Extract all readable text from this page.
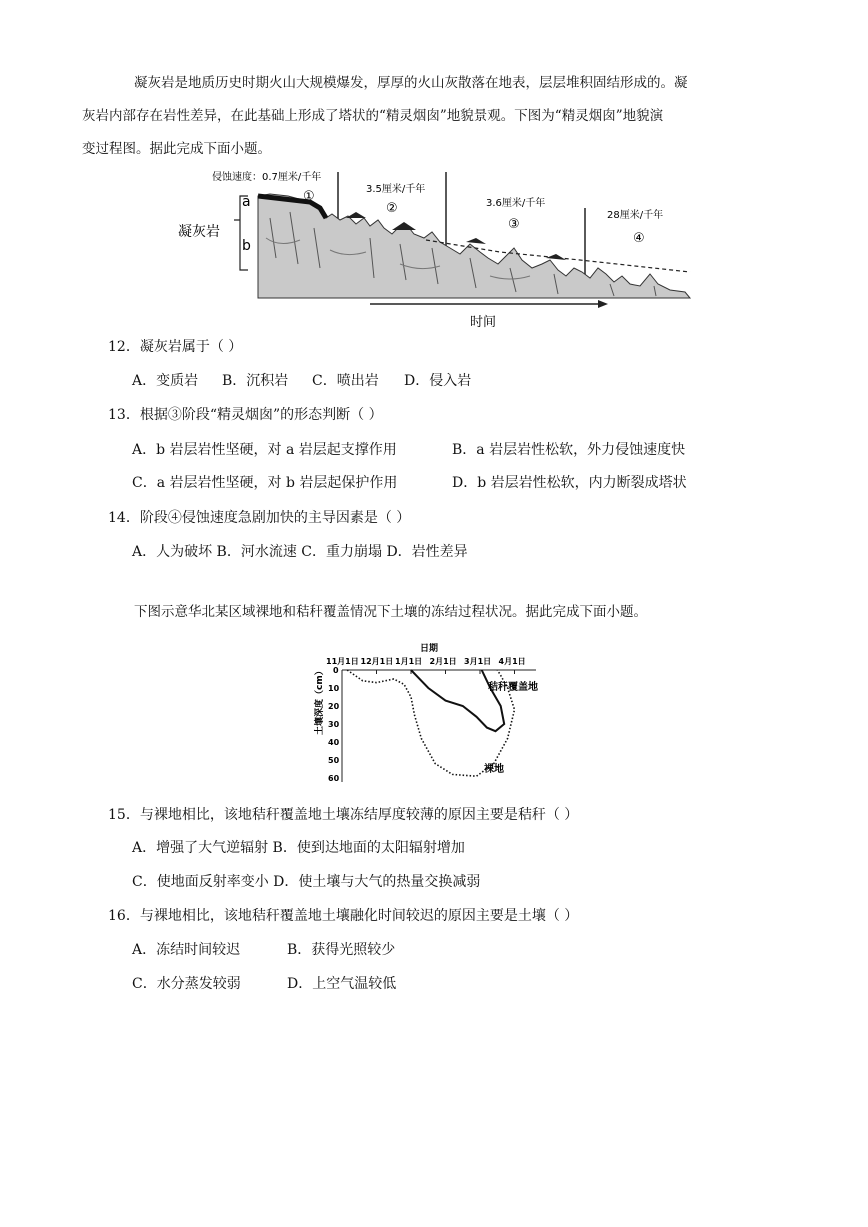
凝灰岩是地质历史时期火山大规模爆发，厚厚的火山灰散落在地表，层层堆积固结形成的。凝
灰岩内部存在岩性差异，在此基础上形成了塔状的“精灵烟囱”地貌景观。下图为“精灵烟囱”地貌演
变过程图。据此完成下面小题。
侵蚀速度：0.7厘米/千年
①	3.5厘米/千年
②	3.6厘米/千年
③
28厘米/千年
④
a
b
凝灰岩
时间
12．凝灰岩属于（ ）
A．变质岩 B．沉积岩 C．喷出岩 D．侵入岩
13．根据③阶段“精灵烟囱”的形态判断（ ）
A．b 岩层岩性坚硬，对 a 岩层起支撑作用	B．a 岩层岩性松软，外力侵蚀速度快
C．a 岩层岩性坚硬，对 b 岩层起保护作用	D．b 岩层岩性松软，内力断裂成塔状
14．阶段④侵蚀速度急剧加快的主导因素是（ ）
A．人为破坏 B．河水流速 C．重力崩塌 D．岩性差异
下图示意华北某区域裸地和秸秆覆盖情况下土壤的冻结过程状况。据此完成下面小题。
日期
11月1日 12月1日 1月1日 2月1日 3月1日 4月1日
0
10
20
30
40
50
60
土壤深度（cm）	秸秆覆盖地
裸地
15．与裸地相比，该地秸秆覆盖地土壤冻结厚度较薄的原因主要是秸秆（ ）
A．增强了大气逆辐射 B．使到达地面的太阳辐射增加
C．使地面反射率变小 D．使土壤与大气的热量交换减弱
16．与裸地相比，该地秸秆覆盖地土壤融化时间较迟的原因主要是土壤（ ）
A．冻结时间较迟	B．获得光照较少
C．水分蒸发较弱	D．上空气温较低
